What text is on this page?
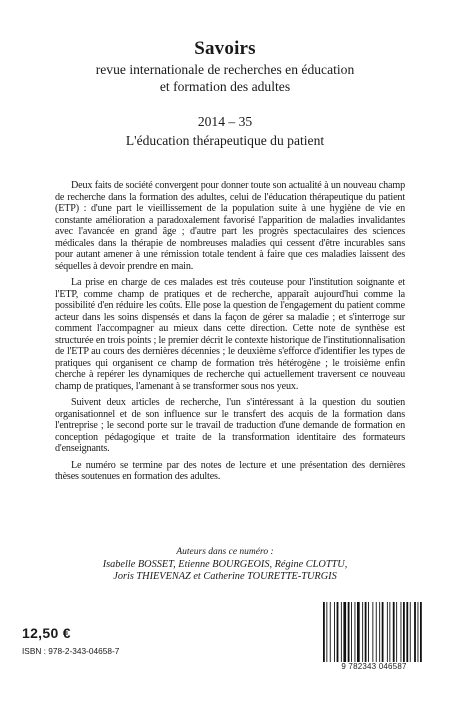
Savoirs
revue internationale de recherches en éducation
et formation des adultes
2014 – 35
L'éducation thérapeutique du patient

Deux faits de société convergent pour donner toute son actualité à un nouveau champ de recherche dans la formation des adultes, celui de l'éducation thérapeutique du patient (ETP) : d'une part le vieillissement de la population suite à une hygiène de vie en constante amélioration a paradoxalement favorisé l'apparition de maladies invalidantes avec l'avancée en grand âge ; d'autre part les progrès spectaculaires des sciences médicales dans la thérapie de nombreuses maladies qui cessent d'être incurables sans pour autant amener à une rémission totale tendent à faire que ces maladies laissent des séquelles à devoir prendre en main.

La prise en charge de ces malades est très couteuse pour l'institution soignante et l'ETP, comme champ de pratiques et de recherche, apparaît aujourd'hui comme la possibilité d'en réduire les coûts. Elle pose la question de l'engagement du patient comme acteur dans les soins dispensés et dans la façon de gérer sa maladie ; et s'interroge sur comment l'accompagner au mieux dans cette direction. Cette note de synthèse est structurée en trois points ; le premier décrit le contexte historique de l'institutionnalisation de l'ETP au cours des dernières décennies ; le deuxième s'efforce d'identifier les types de pratiques qui organisent ce champ de formation très hétérogène ; le troisième enfin cherche à repérer les dynamiques de recherche qui actuellement traversent ce nouveau champ de pratiques, l'amenant à se transformer sous nos yeux.

Suivent deux articles de recherche, l'un s'intéressant à la question du soutien organisationnel et de son influence sur le transfert des acquis de la formation dans l'entreprise ; le second porte sur le travail de traduction d'une demande de formation en conception pédagogique et traite de la transformation identitaire des formateurs d'enseignants.

Le numéro se termine par des notes de lecture et une présentation des dernières thèses soutenues en formation des adultes.

Auteurs dans ce numéro :
Isabelle BOSSET, Etienne BOURGEOIS, Régine CLOTTU,
Joris THIEVENAZ et Catherine TOURETTE-TURGIS
12,50 €
ISBN : 978-2-343-04658-7
9 782343 046587
